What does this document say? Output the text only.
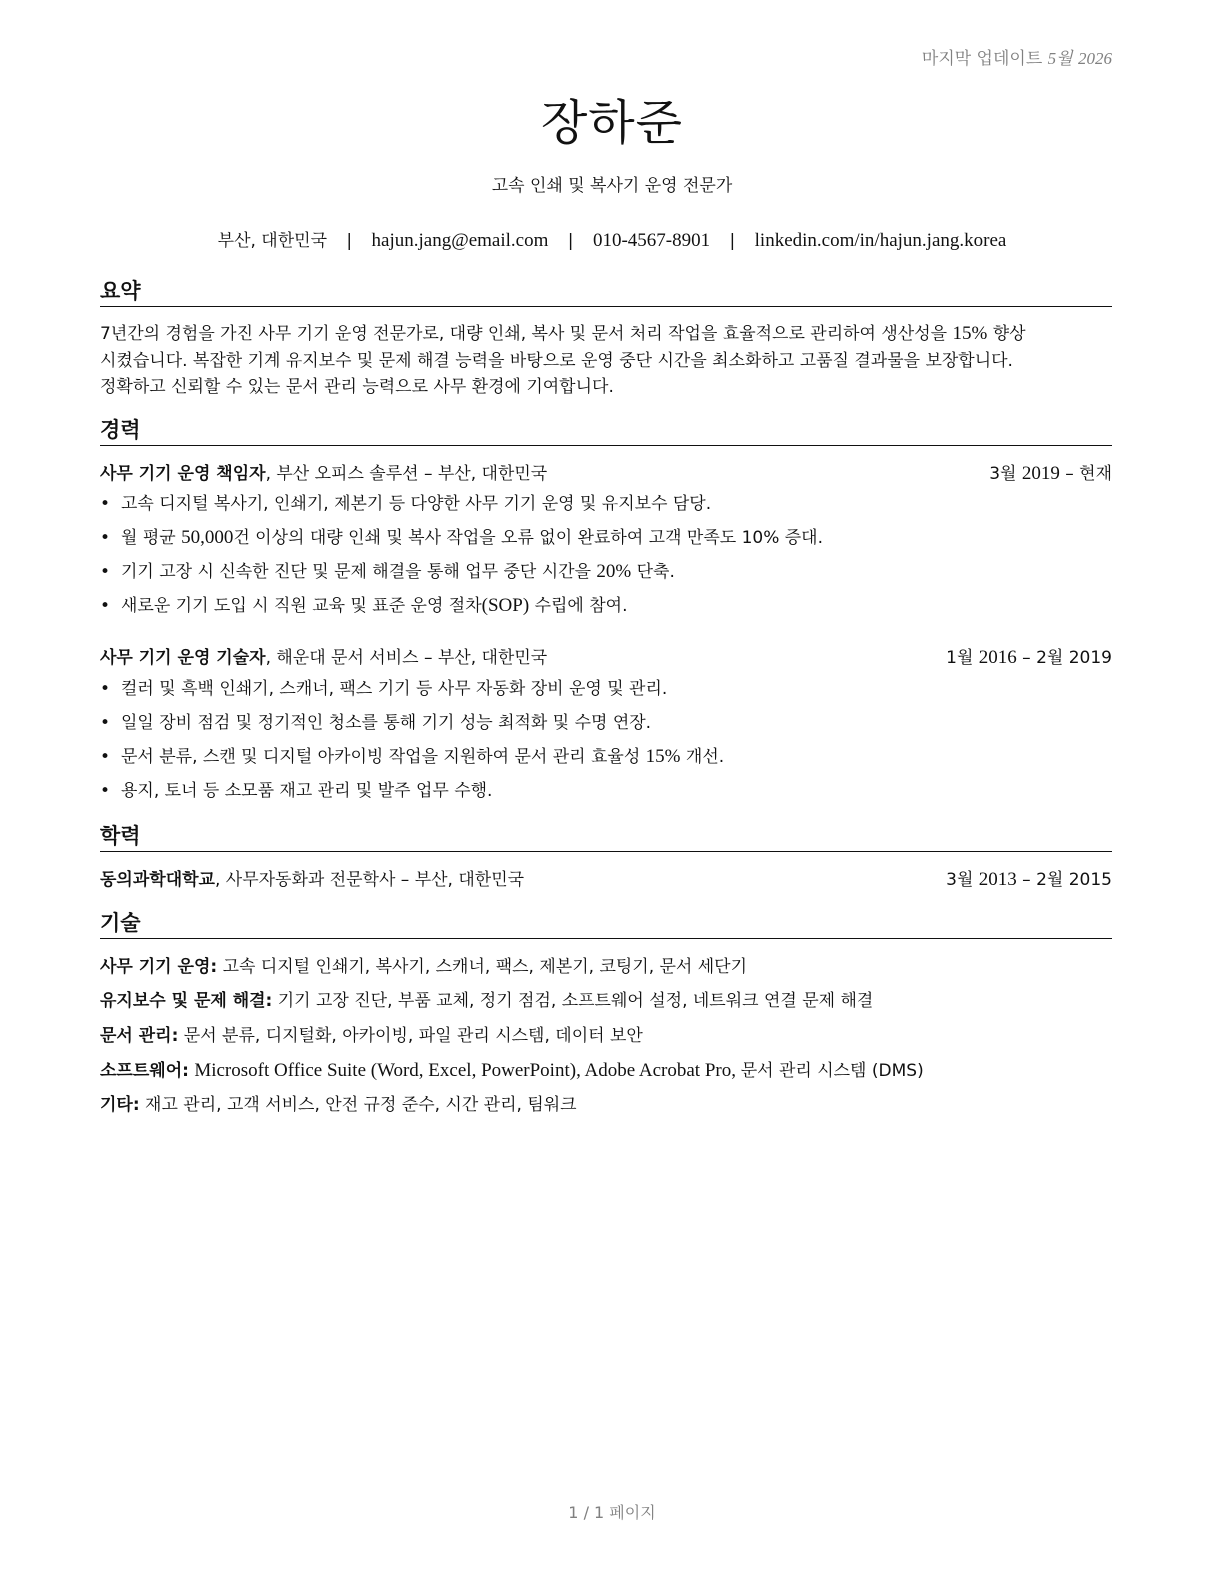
마지막 업데이트 5월 2026
장하준
고속 인쇄 및 복사기 운영 전문가
부산, 대한민국 | hajun.jang@email.com | 010-4567-8901 | linkedin.com/in/hajun.jang.korea
요약
7년간의 경험을 가진 사무 기기 운영 전문가로, 대량 인쇄, 복사 및 문서 처리 작업을 효율적으로 관리하여 생산성을 15% 향상
시켰습니다. 복잡한 기계 유지보수 및 문제 해결 능력을 바탕으로 운영 중단 시간을 최소화하고 고품질 결과물을 보장합니다.
정확하고 신뢰할 수 있는 문서 관리 능력으로 사무 환경에 기여합니다.
경력
사무 기기 운영 책임자, 부산 오피스 솔루션 – 부산, 대한민국	3월 2019 – 현재
• 고속 디지털 복사기, 인쇄기, 제본기 등 다양한 사무 기기 운영 및 유지보수 담당.
• 월 평균 50,000건 이상의 대량 인쇄 및 복사 작업을 오류 없이 완료하여 고객 만족도 10% 증대.
• 기기 고장 시 신속한 진단 및 문제 해결을 통해 업무 중단 시간을 20% 단축.
• 새로운 기기 도입 시 직원 교육 및 표준 운영 절차(SOP) 수립에 참여.
사무 기기 운영 기술자, 해운대 문서 서비스 – 부산, 대한민국	1월 2016 – 2월 2019
• 컬러 및 흑백 인쇄기, 스캐너, 팩스 기기 등 사무 자동화 장비 운영 및 관리.
• 일일 장비 점검 및 정기적인 청소를 통해 기기 성능 최적화 및 수명 연장.
• 문서 분류, 스캔 및 디지털 아카이빙 작업을 지원하여 문서 관리 효율성 15% 개선.
• 용지, 토너 등 소모품 재고 관리 및 발주 업무 수행.
학력
동의과학대학교, 사무자동화과 전문학사 – 부산, 대한민국	3월 2013 – 2월 2015
기술
사무 기기 운영: 고속 디지털 인쇄기, 복사기, 스캐너, 팩스, 제본기, 코팅기, 문서 세단기
유지보수 및 문제 해결: 기기 고장 진단, 부품 교체, 정기 점검, 소프트웨어 설정, 네트워크 연결 문제 해결
문서 관리: 문서 분류, 디지털화, 아카이빙, 파일 관리 시스템, 데이터 보안
소프트웨어: Microsoft Office Suite (Word, Excel, PowerPoint), Adobe Acrobat Pro, 문서 관리 시스템 (DMS)
기타: 재고 관리, 고객 서비스, 안전 규정 준수, 시간 관리, 팀워크
1 / 1 페이지
